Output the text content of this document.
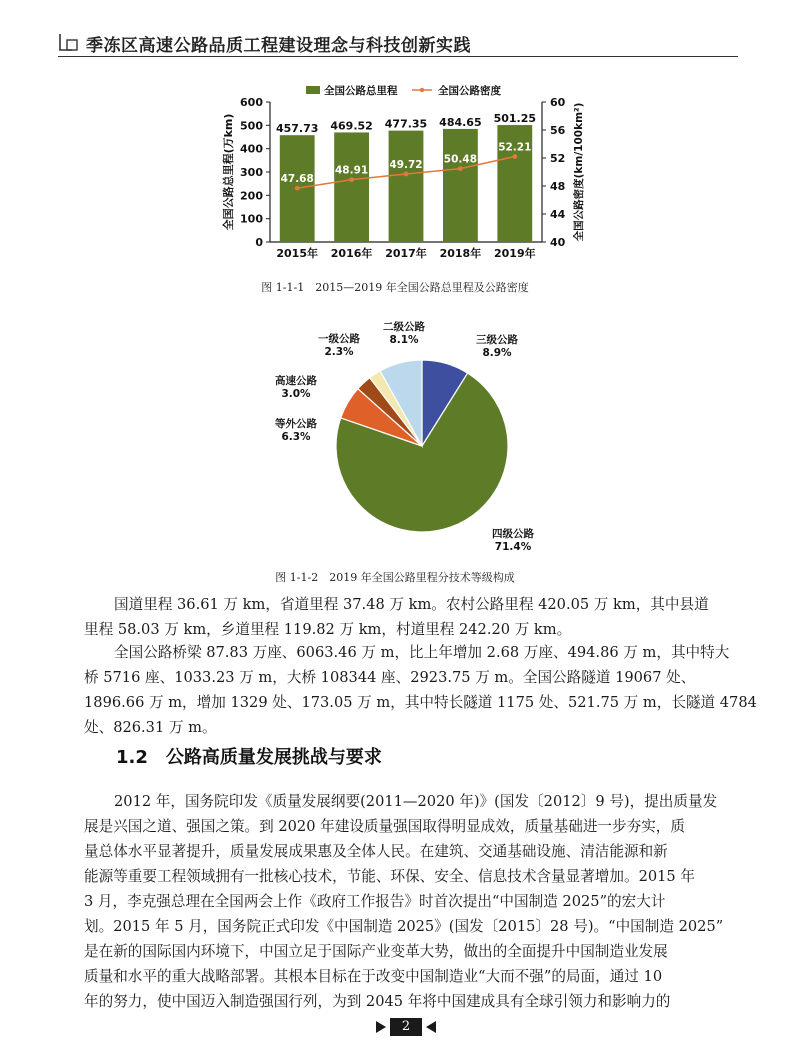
季冻区高速公路品质工程建设理念与科技创新实践
0
100
200
300
400
500
600
40
44
48
52
56
60
457.73 469.52 477.35 484.65 501.25
47.68
48.91 49.72 50.48
52.21
2015年 2016年 2017年 2018年 2019年
全国公路总里程	全国公路密度
全国公路总里程(万km)	全国公路密度(km/100km²)
图 1-1-1　2015—2019 年全国公路总里程及公路密度
三级公路
8.9%
四级公路
71.4%
等外公路
6.3%
高速公路
3.0%
一级公路
2.3%
二级公路
8.1%
图 1-1-2　2019 年全国公路里程分技术等级构成
国道里程 36.61 万 km，省道里程 37.48 万 km。农村公路里程 420.05 万 km，其中县道
里程 58.03 万 km，乡道里程 119.82 万 km，村道里程 242.20 万 km。
全国公路桥梁 87.83 万座、6063.46 万 m，比上年增加 2.68 万座、494.86 万 m，其中特大
桥 5716 座、1033.23 万 m，大桥 108344 座、2923.75 万 m。全国公路隧道 19067 处、
1896.66 万 m，增加 1329 处、173.05 万 m，其中特长隧道 1175 处、521.75 万 m，长隧道 4784
处、826.31 万 m。
1.2 公路高质量发展挑战与要求
2012 年，国务院印发《质量发展纲要(2011—2020 年)》(国发〔2012〕9 号)，提出质量发
展是兴国之道、强国之策。到 2020 年建设质量强国取得明显成效，质量基础进一步夯实，质
量总体水平显著提升，质量发展成果惠及全体人民。在建筑、交通基础设施、清洁能源和新
能源等重要工程领域拥有一批核心技术，节能、环保、安全、信息技术含量显著增加。2015 年
3 月，李克强总理在全国两会上作《政府工作报告》时首次提出“中国制造 2025”的宏大计
划。2015 年 5 月，国务院正式印发《中国制造 2025》(国发〔2015〕28 号)。“中国制造 2025”
是在新的国际国内环境下，中国立足于国际产业变革大势，做出的全面提升中国制造业发展
质量和水平的重大战略部署。其根本目标在于改变中国制造业“大而不强”的局面，通过 10
年的努力，使中国迈入制造强国行列，为到 2045 年将中国建成具有全球引领力和影响力的
2
